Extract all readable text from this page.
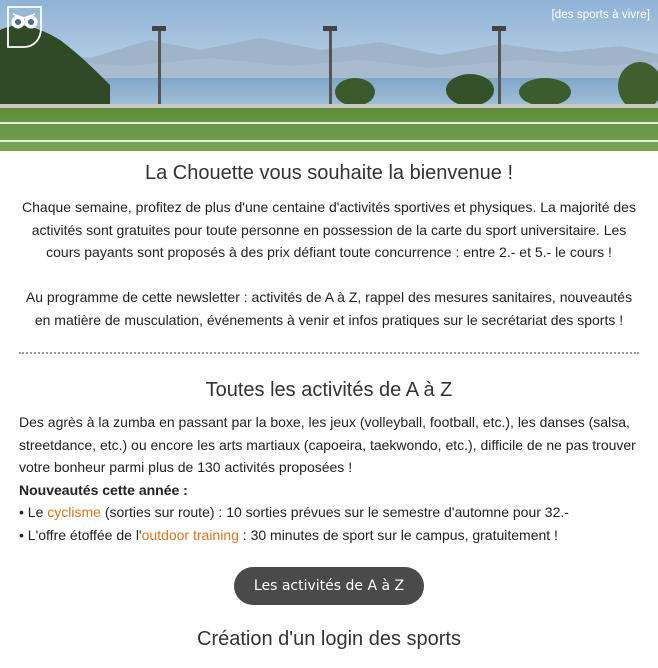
[des sports à vivre]
La Chouette vous souhaite la bienvenue !

Chaque semaine, profitez de plus d'une centaine d'activités sportives et physiques. La majorité des

activités sont gratuites pour toute personne en possession de la carte du sport universitaire. Les

cours payants sont proposés à des prix défiant toute concurrence : entre 2.- et 5.- le cours !

Au programme de cette newsletter : activités de A à Z, rappel des mesures sanitaires, nouveautés

en matière de musculation, événements à venir et infos pratiques sur le secrétariat des sports !

Toutes les activités de A à Z

Des agrès à la zumba en passant par la boxe, les jeux (volleyball, football, etc.), les danses (salsa,

streetdance, etc.) ou encore les arts martiaux (capoeira, taekwondo, etc.), difficile de ne pas trouver

votre bonheur parmi plus de 130 activités proposées !

Nouveautés cette année :

• Le cyclisme (sorties sur route) : 10 sorties prévues sur le semestre d'automne pour 32.-

• L'offre étoffée de l'outdoor training : 30 minutes de sport sur le campus, gratuitement !

Les activités de A à Z
Création d'un login des sports
